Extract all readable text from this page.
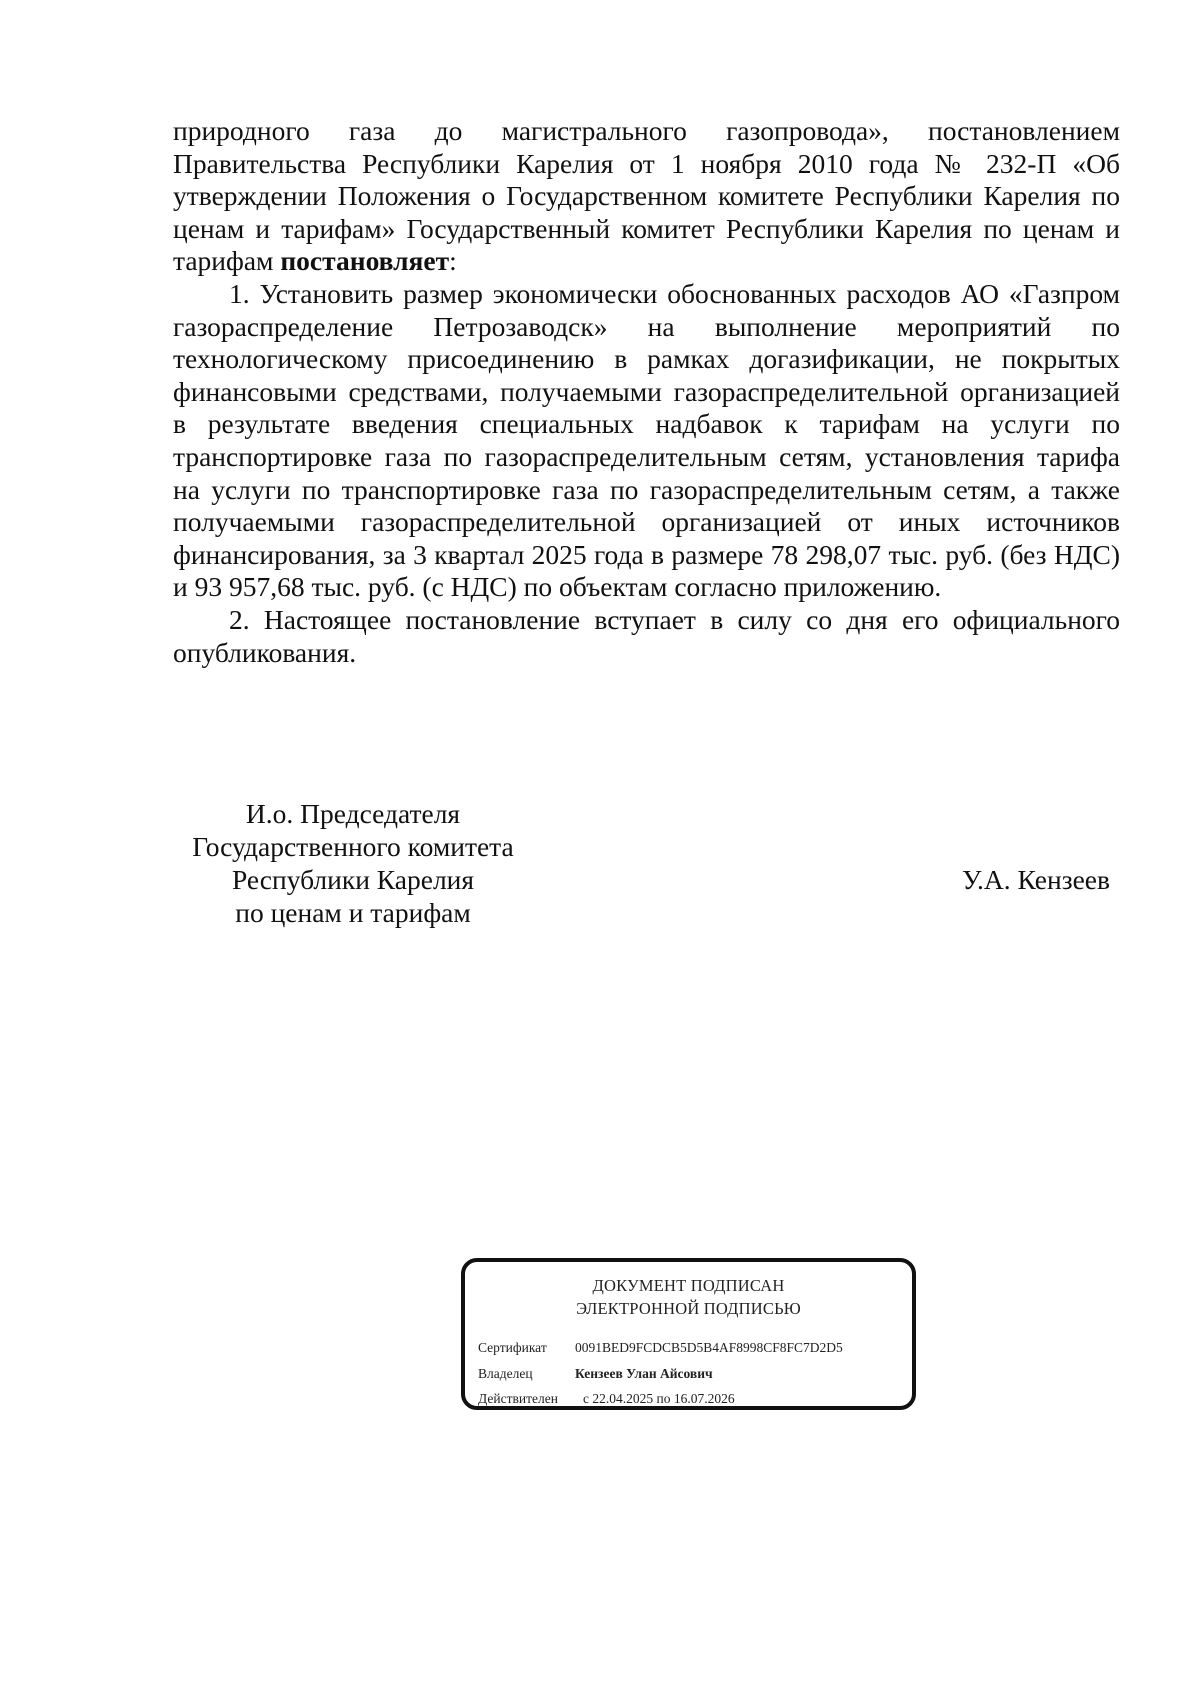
природного газа до магистрального газопровода», постановлением Правительства Республики Карелия от 1 ноября 2010 года № 232-П «Об утверждении Положения о Государственном комитете Республики Карелия по ценам и тарифам» Государственный комитет Республики Карелия по ценам и тарифам постановляет:

1. Установить размер экономически обоснованных расходов АО «Газпром газораспределение Петрозаводск» на выполнение мероприятий по технологическому присоединению в рамках догазификации, не покрытых финансовыми средствами, получаемыми газораспределительной организацией в результате введения специальных надбавок к тарифам на услуги по транспортировке газа по газораспределительным сетям, установления тарифа на услуги по транспортировке газа по газораспределительным сетям, а также получаемыми газораспределительной организацией от иных источников финансирования, за 3 квартал 2025 года в размере 78 298,07 тыс. руб. (без НДС) и 93 957,68 тыс. руб. (с НДС) по объектам согласно приложению.

2. Настоящее постановление вступает в силу со дня его официального опубликования.

И.о. Председателя
Государственного комитета
Республики Карелия
по ценам и тарифам
У.А. Кензеев
ДОКУМЕНТ ПОДПИСАН
ЭЛЕКТРОННОЙ ПОДПИСЬЮ
Сертификат 0091BED9FCDCB5D5B4AF8998CF8FC7D2D5
Владелец	Кензеев Улан Айсович
Действителен с 22.04.2025 по 16.07.2026
